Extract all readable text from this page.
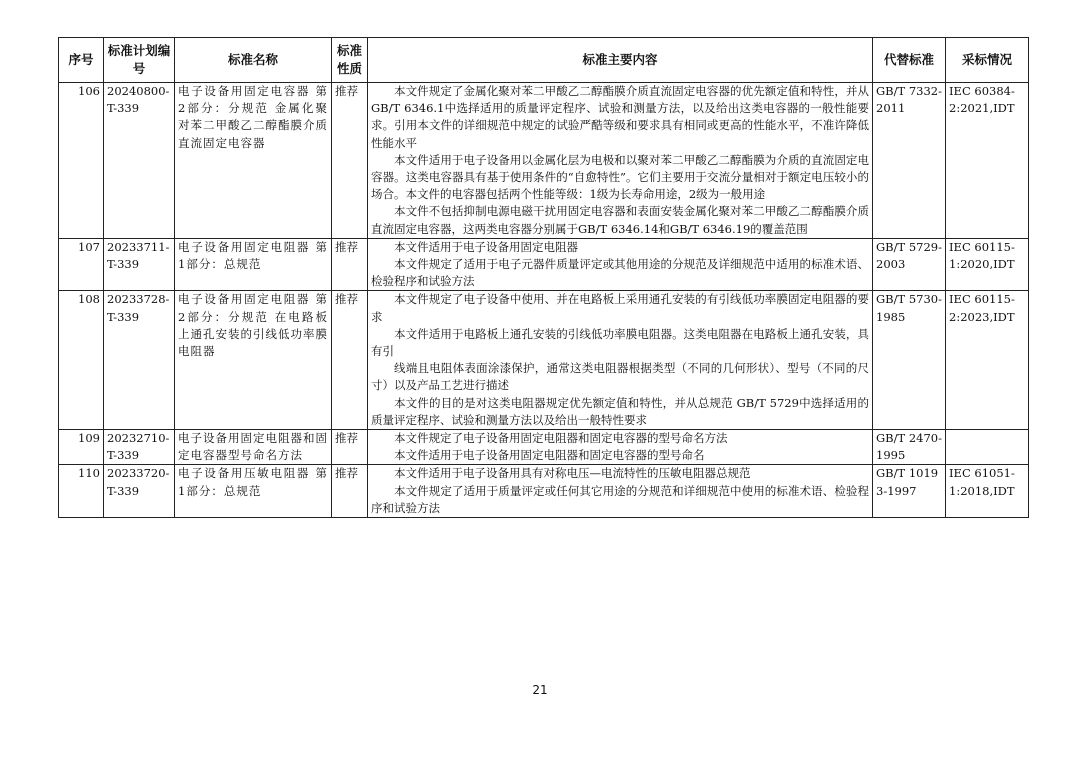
序号	标准计划编号	标准名称	标准性质	标准主要内容	代替标准	采标情况
106	20240800-T-339	电子设备用固定电容器 第2部分：分规范 金属化聚对苯二甲酸乙二醇酯膜介质直流固定电容器	推荐	本文件规定了金属化聚对苯二甲酸乙二醇酯膜介质直流固定电容器的优先额定值和特性，并从GB/T 6346.1中选择适用的质量评定程序、试验和测量方法，以及给出这类电容器的一般性能要求。引用本文件的详细规范中规定的试验严酷等级和要求具有相同或更高的性能水平，不准许降低性能水平

本文件适用于电子设备用以金属化层为电极和以聚对苯二甲酸乙二醇酯膜为介质的直流固定电容器。这类电容器具有基于使用条件的“自愈特性”。它们主要用于交流分量相对于额定电压较小的场合。本文件的电容器包括两个性能等级：1级为长寿命用途，2级为一般用途

本文件不包括抑制电源电磁干扰用固定电容器和表面安装金属化聚对苯二甲酸乙二醇酯膜介质直流固定电容器，这两类电容器分别属于GB/T 6346.14和GB/T 6346.19的覆盖范围	GB/T 7332-2011	IEC 60384-2:2021,IDT
107	20233711-T-339	电子设备用固定电阻器 第1部分：总规范	推荐	本文件适用于电子设备用固定电阻器

本文件规定了适用于电子元器件质量评定或其他用途的分规范及详细规范中适用的标准术语、检验程序和试验方法	GB/T 5729-2003	IEC 60115-1:2020,IDT
108	20233728-T-339	电子设备用固定电阻器 第2部分：分规范 在电路板上通孔安装的引线低功率膜电阻器	推荐	本文件规定了电子设备中使用、并在电路板上采用通孔安装的有引线低功率膜固定电阻器的要求

本文件适用于电路板上通孔安装的引线低功率膜电阻器。这类电阻器在电路板上通孔安装，具有引

线端且电阻体表面涂漆保护，通常这类电阻器根据类型（不同的几何形状）、型号（不同的尺寸）以及产品工艺进行描述

本文件的目的是对这类电阻器规定优先额定值和特性，并从总规范 GB/T 5729中选择适用的质量评定程序、试验和测量方法以及给出一般特性要求	GB/T 5730-1985	IEC 60115-2:2023,IDT
109	20232710-T-339	电子设备用固定电阻器和固定电容器型号命名方法	推荐	本文件规定了电子设备用固定电阻器和固定电容器的型号命名方法

本文件适用于电子设备用固定电阻器和固定电容器的型号命名	GB/T 2470-1995	
110	20233720-T-339	电子设备用压敏电阻器 第1部分：总规范	推荐	本文件适用于电子设备用具有对称电压—电流特性的压敏电阻器总规范

本文件规定了适用于质量评定或任何其它用途的分规范和详细规范中使用的标准术语、检验程序和试验方法	GB/T 10193-1997	IEC 61051-1:2018,IDT
21
